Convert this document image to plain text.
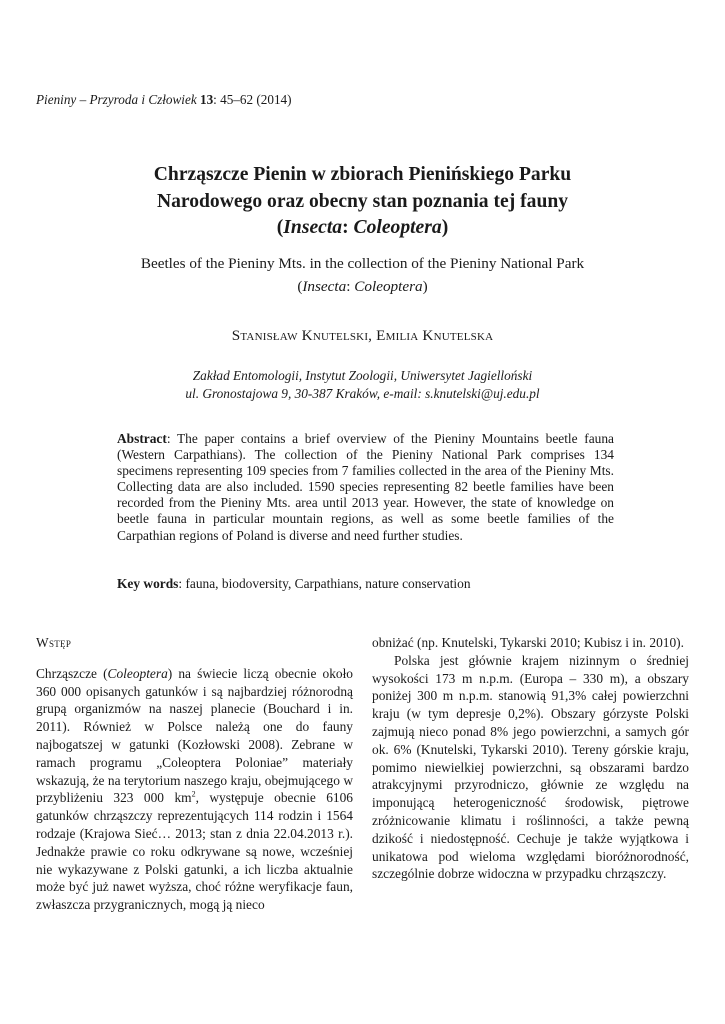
Pieniny – Przyroda i Człowiek 13: 45–62 (2014)
Chrząszcze Pienin w zbiorach Pienińskiego Parku
Narodowego oraz obecny stan poznania tej fauny
(Insecta: Coleoptera)
Beetles of the Pieniny Mts. in the collection of the Pieniny National Park
(Insecta: Coleoptera)
Stanisław Knutelski, Emilia Knutelska
Zakład Entomologii, Instytut Zoologii, Uniwersytet Jagielloński
ul. Gronostajowa 9, 30-387 Kraków, e-mail: s.knutelski@uj.edu.pl
Abstract: The paper contains a brief overview of the Pieniny Mountains beetle fauna (Western Carpathians). The collection of the Pieniny National Park comprises 134 specimens representing 109 species from 7 families collected in the area of the Pieniny Mts. Collecting data are also included. 1590 species representing 82 beetle families have been recorded from the Pieniny Mts. area until 2013 year. However, the state of knowledge on beetle fauna in particular mountain regions, as well as some beetle families of the Carpathian regions of Poland is diverse and need further studies.
Key words: fauna, biodoversity, Carpathians, nature conservation

Wstęp

Chrząszcze (Coleoptera) na świecie liczą obecnie około 360 000 opisanych gatunków i są najbardziej różnorodną grupą organizmów na naszej planecie (Bouchard i in. 2011). Również w Polsce należą one do fauny najbogatszej w gatunki (Kozłowski 2008). Zebrane w ramach programu „Coleoptera Poloniae” materiały wskazują, że na terytorium naszego kraju, obejmującego w przybliżeniu 323 000 $km^2$, występuje obecnie 6106 gatunków chrząszczy reprezentujących 114 rodzin i 1564 rodzaje (Krajowa Sieć… 2013; stan z dnia 22.04.2013 r.). Jednakże prawie co roku odkrywane są nowe, wcześniej nie wykazywane z Polski gatunki, a ich liczba aktualnie może być już nawet wyższa, choć różne weryfikacje faun, zwłaszcza przygranicznych, mogą ją nieco

obniżać (np. Knutelski, Tykarski 2010; Kubisz i in. 2010).

Polska jest głównie krajem nizinnym o średniej wysokości 173 m n.p.m. (Europa – 330 m), a obszary poniżej 300 m n.p.m. stanowią 91,3% całej powierzchni kraju (w tym depresje 0,2%). Obszary górzyste Polski zajmują nieco ponad 8% jego powierzchni, a samych gór ok. 6% (Knutelski, Tykarski 2010). Tereny górskie kraju, pomimo niewielkiej powierzchni, są obszarami bardzo atrakcyjnymi przyrodniczo, głównie ze względu na imponującą heterogeniczność środowisk, piętrowe zróżnicowanie klimatu i roślinności, a także pewną dzikość i niedostępność. Cechuje je także wyjątkowa i unikatowa pod wieloma względami bioróżnorodność, szczególnie dobrze widoczna w przypadku chrząszczy.
